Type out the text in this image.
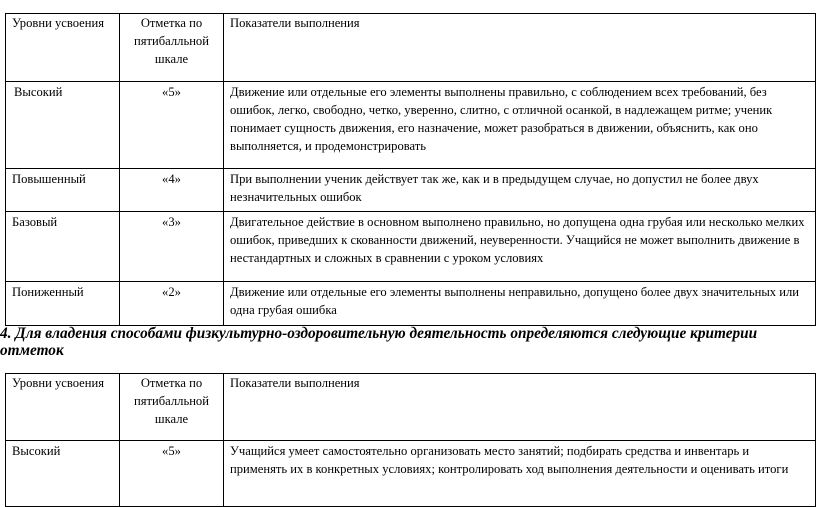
Уровни усвоения	Отметка по пятибалльной шкале	Показатели выполнения
Высокий	«5»	Движение или отдельные его элементы выполнены правильно, с соблюдением всех требований, без ошибок, легко, свободно, четко, уверенно, слитно, с отличной осанкой, в надлежащем ритме; ученик понимает сущность движения, его назначение, может разобраться в движении, объяснить, как оно выполняется, и продемонстрировать
Повышенный	«4»	При выполнении ученик действует так же, как и в предыдущем случае, но допустил не более двух незначительных ошибок
Базовый	«3»	Двигательное действие в основном выполнено правильно, но допущена одна грубая или несколько мелких ошибок, приведших к скованности движений, неуверенности. Учащийся не может выполнить движение в нестандартных и сложных в сравнении с уроком условиях
Пониженный	«2»	Движение или отдельные его элементы выполнены неправильно, допущено более двух значительных или одна грубая ошибка

4. Для владения способами физкультурно-оздоровительную деятельность определяются следующие критерии отметок

Уровни усвоения	Отметка по пятибалльной шкале	Показатели выполнения
Высокий	«5»	Учащийся умеет самостоятельно организовать место занятий; подбирать средства и инвентарь и применять их в конкретных условиях; контролировать ход выполнения деятельности и оценивать итоги
